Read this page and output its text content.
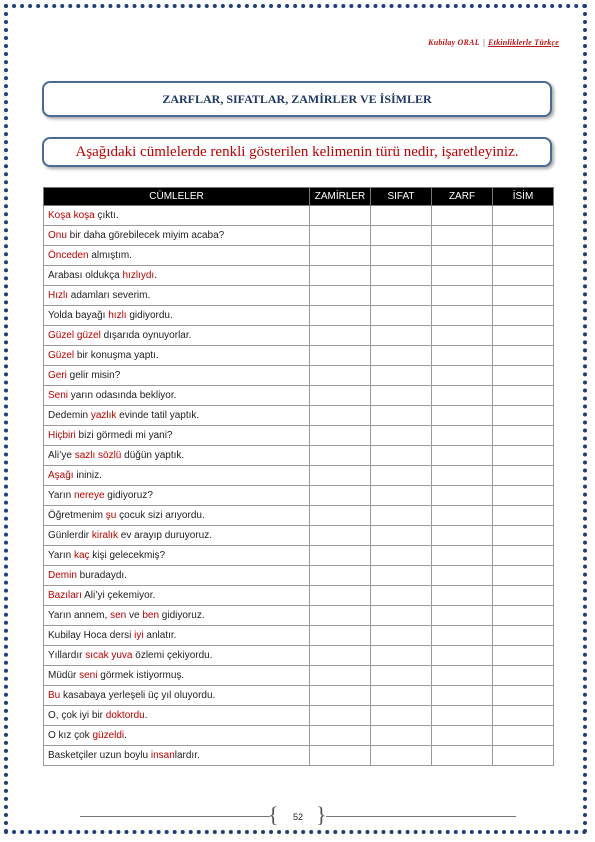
Kubilay ORAL | Etkinliklerle Türkçe
ZARFLAR, SIFATLAR, ZAMİRLER VE İSİMLER
Aşağıdaki cümlelerde renkli gösterilen kelimenin türü nedir, işaretleyiniz.
CÜMLELER	ZAMİRLER	SIFAT	ZARF	İSİM
Koşa koşa çıktı.				
Onu bir daha görebilecek miyim acaba?				
Önceden almıştım.				
Arabası oldukça hızlıydı.				
Hızlı adamları severim.				
Yolda bayağı hızlı gidiyordu.				
Güzel güzel dışarıda oynuyorlar.				
Güzel bir konuşma yaptı.				
Geri gelir misin?				
Seni yarın odasında bekliyor.				
Dedemin yazlık evinde tatil yaptık.				
Hiçbiri bizi görmedi mi yani?				
Ali’ye sazlı sözlü düğün yaptık.				
Aşağı ininiz.				
Yarın nereye gidiyoruz?				
Öğretmenim şu çocuk sizi arıyordu.				
Günlerdir kiralık ev arayıp duruyoruz.				
Yarın kaç kişi gelecekmiş?				
Demin buradaydı.				
Bazıları Ali’yi çekemiyor.				
Yarın annem, sen ve ben gidiyoruz.				
Kubilay Hoca dersi iyi anlatır.				
Yıllardır sıcak yuva özlemi çekiyordu.				
Müdür seni görmek istiyormuş.				
Bu kasabaya yerleşeli üç yıl oluyordu.				
O, çok iyi bir doktordu.				
O kız çok güzeldi.				
Basketçiler uzun boylu insanlardır.				
{ }
52
